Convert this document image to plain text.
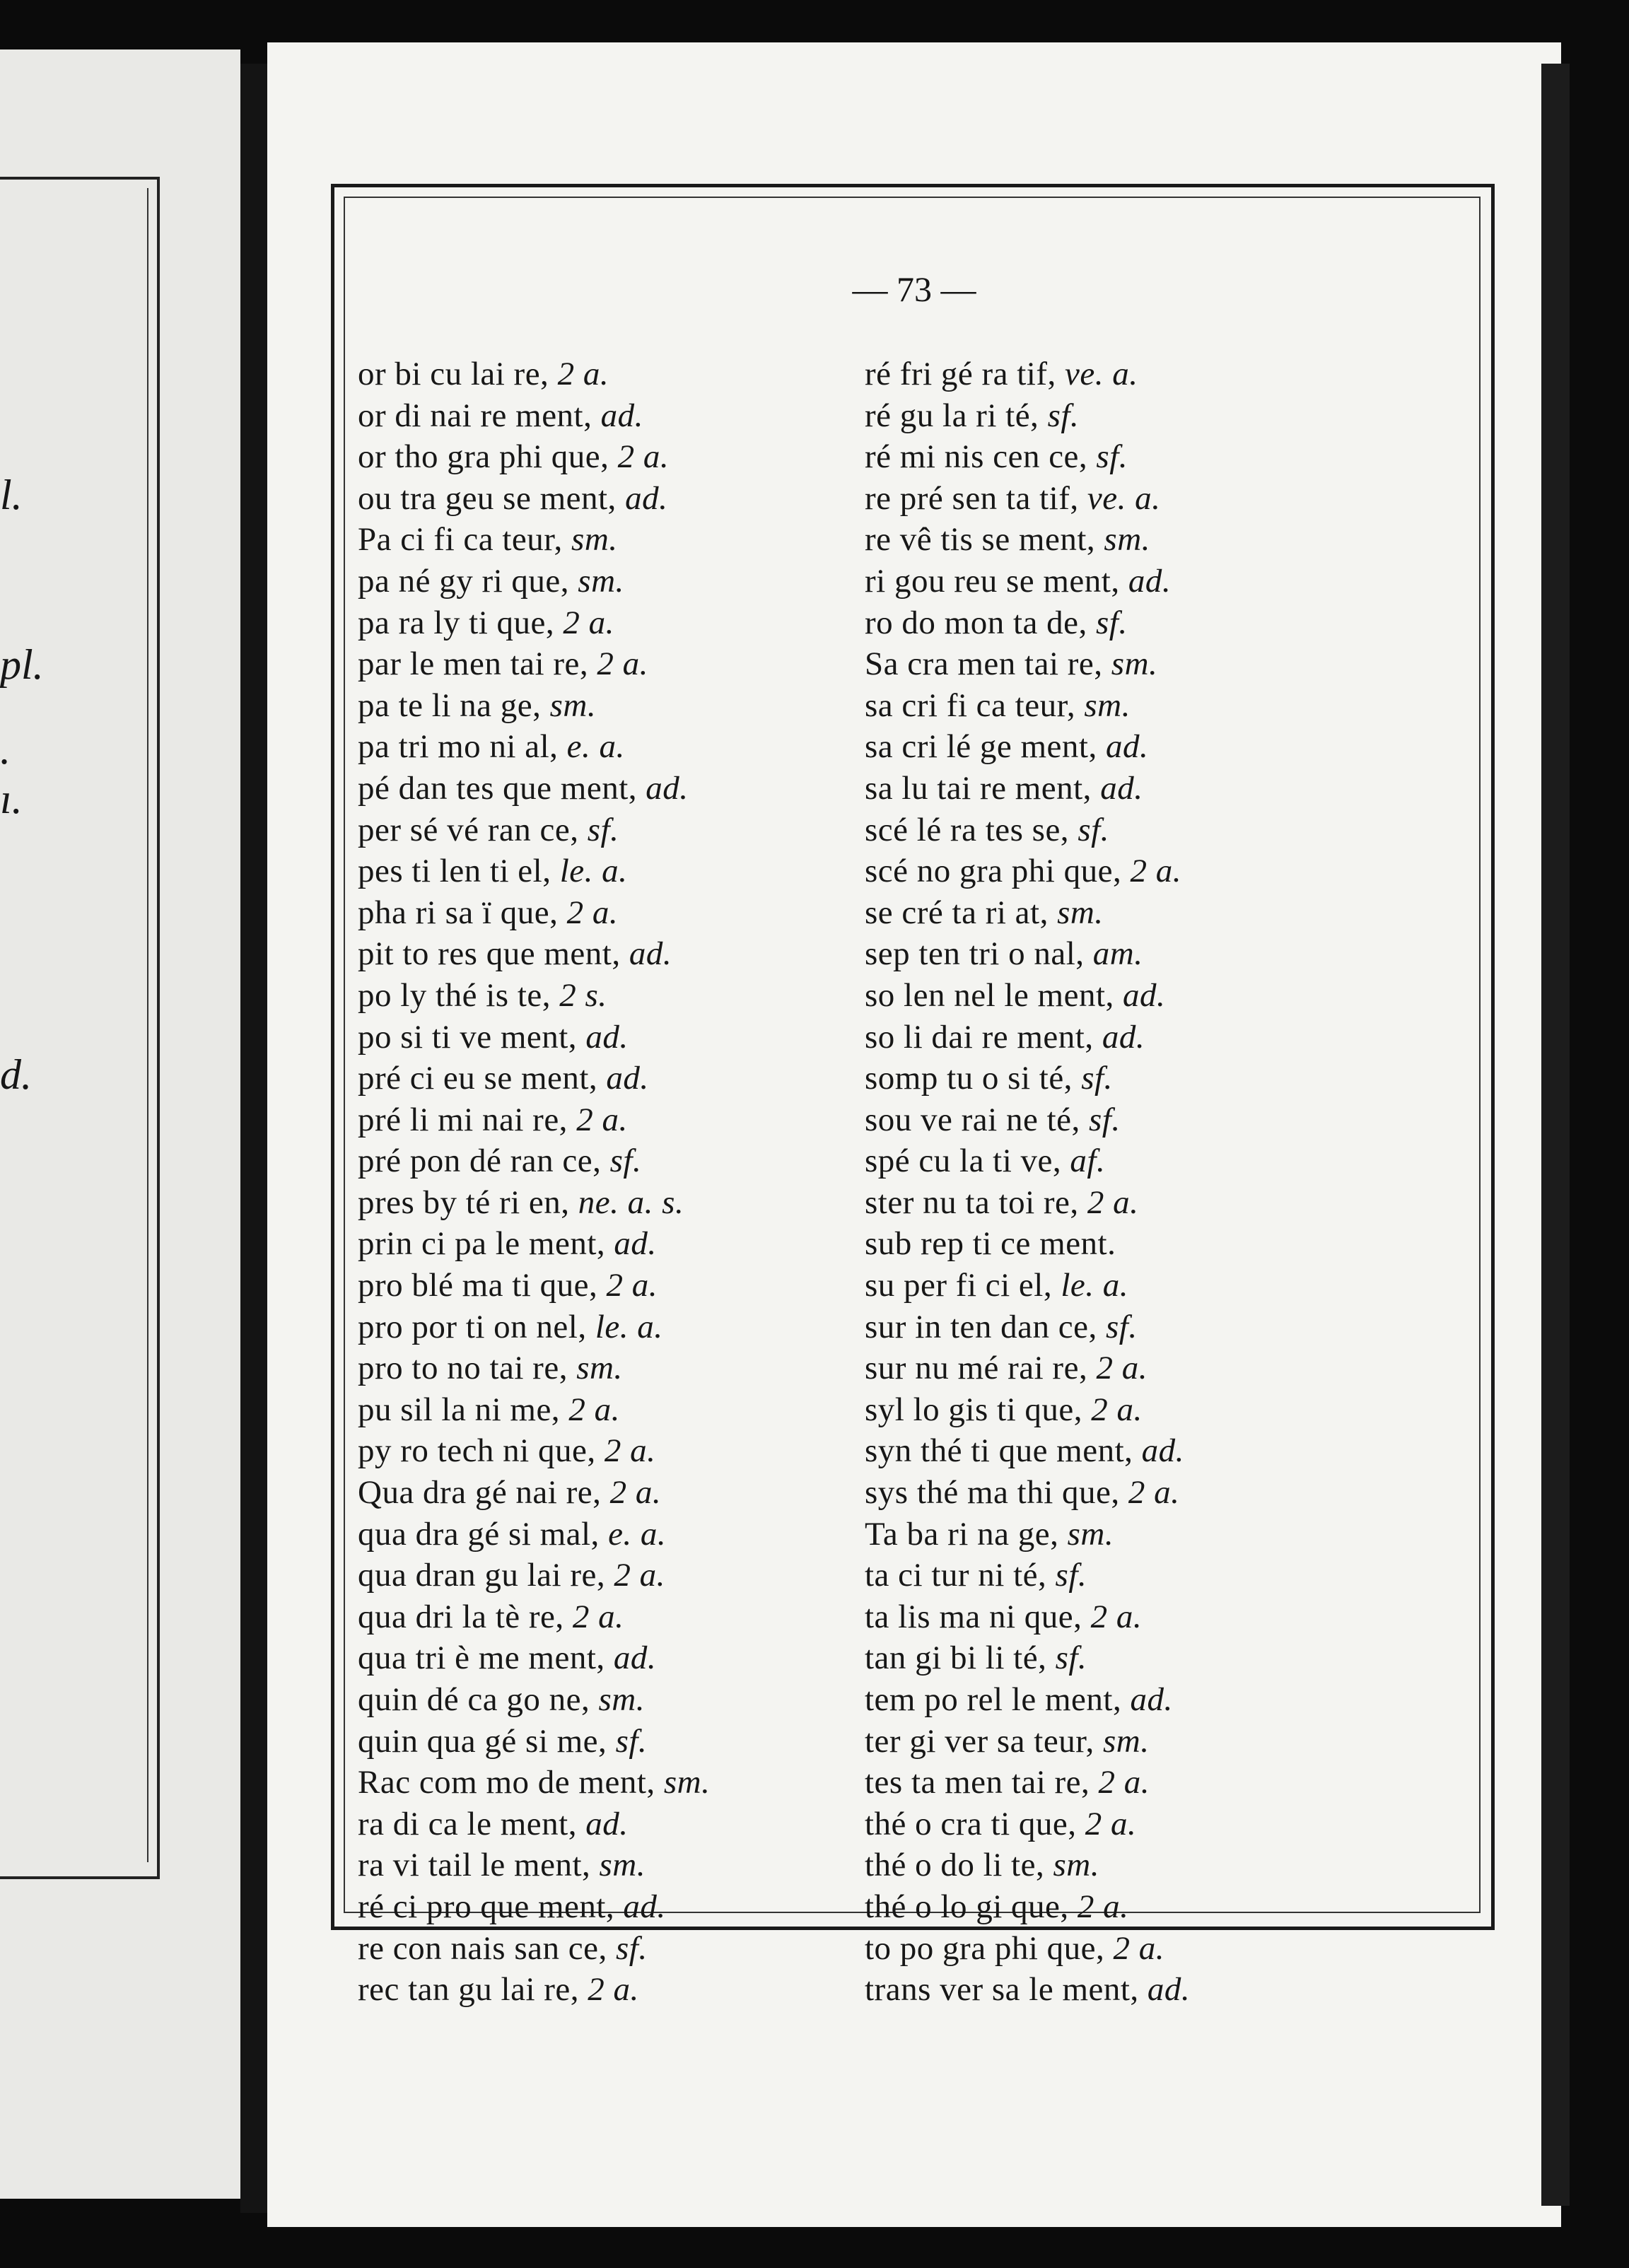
l.
pl.
.
ı.
d.

— 73 —

or bi cu lai re, 2 a.
or di nai re ment, ad.
or tho gra phi que, 2 a.
ou tra geu se ment, ad.
Pa ci fi ca teur, sm.
pa né gy ri que, sm.
pa ra ly ti que, 2 a.
par le men tai re, 2 a.
pa te li na ge, sm.
pa tri mo ni al, e. a.
pé dan tes que ment, ad.
per sé vé ran ce, sf.
pes ti len ti el, le. a.
pha ri sa ï que, 2 a.
pit to res que ment, ad.
po ly thé is te, 2 s.
po si ti ve ment, ad.
pré ci eu se ment, ad.
pré li mi nai re, 2 a.
pré pon dé ran ce, sf.
pres by té ri en, ne. a. s.
prin ci pa le ment, ad.
pro blé ma ti que, 2 a.
pro por ti on nel, le. a.
pro to no tai re, sm.
pu sil la ni me, 2 a.
py ro tech ni que, 2 a.
Qua dra gé nai re, 2 a.
qua dra gé si mal, e. a.
qua dran gu lai re, 2 a.
qua dri la tè re, 2 a.
qua tri è me ment, ad.
quin dé ca go ne, sm.
quin qua gé si me, sf.
Rac com mo de ment, sm.
ra di ca le ment, ad.
ra vi tail le ment, sm.
ré ci pro que ment, ad.
re con nais san ce, sf.
rec tan gu lai re, 2 a.
ré fri gé ra tif, ve. a.
ré gu la ri té, sf.
ré mi nis cen ce, sf.
re pré sen ta tif, ve. a.
re vê tis se ment, sm.
ri gou reu se ment, ad.
ro do mon ta de, sf.
Sa cra men tai re, sm.
sa cri fi ca teur, sm.
sa cri lé ge ment, ad.
sa lu tai re ment, ad.
scé lé ra tes se, sf.
scé no gra phi que, 2 a.
se cré ta ri at, sm.
sep ten tri o nal, am.
so len nel le ment, ad.
so li dai re ment, ad.
somp tu o si té, sf.
sou ve rai ne té, sf.
spé cu la ti ve, af.
ster nu ta toi re, 2 a.
sub rep ti ce ment.
su per fi ci el, le. a.
sur in ten dan ce, sf.
sur nu mé rai re, 2 a.
syl lo gis ti que, 2 a.
syn thé ti que ment, ad.
sys thé ma thi que, 2 a.
Ta ba ri na ge, sm.
ta ci tur ni té, sf.
ta lis ma ni que, 2 a.
tan gi bi li té, sf.
tem po rel le ment, ad.
ter gi ver sa teur, sm.
tes ta men tai re, 2 a.
thé o cra ti que, 2 a.
thé o do li te, sm.
thé o lo gi que, 2 a.
to po gra phi que, 2 a.
trans ver sa le ment, ad.
